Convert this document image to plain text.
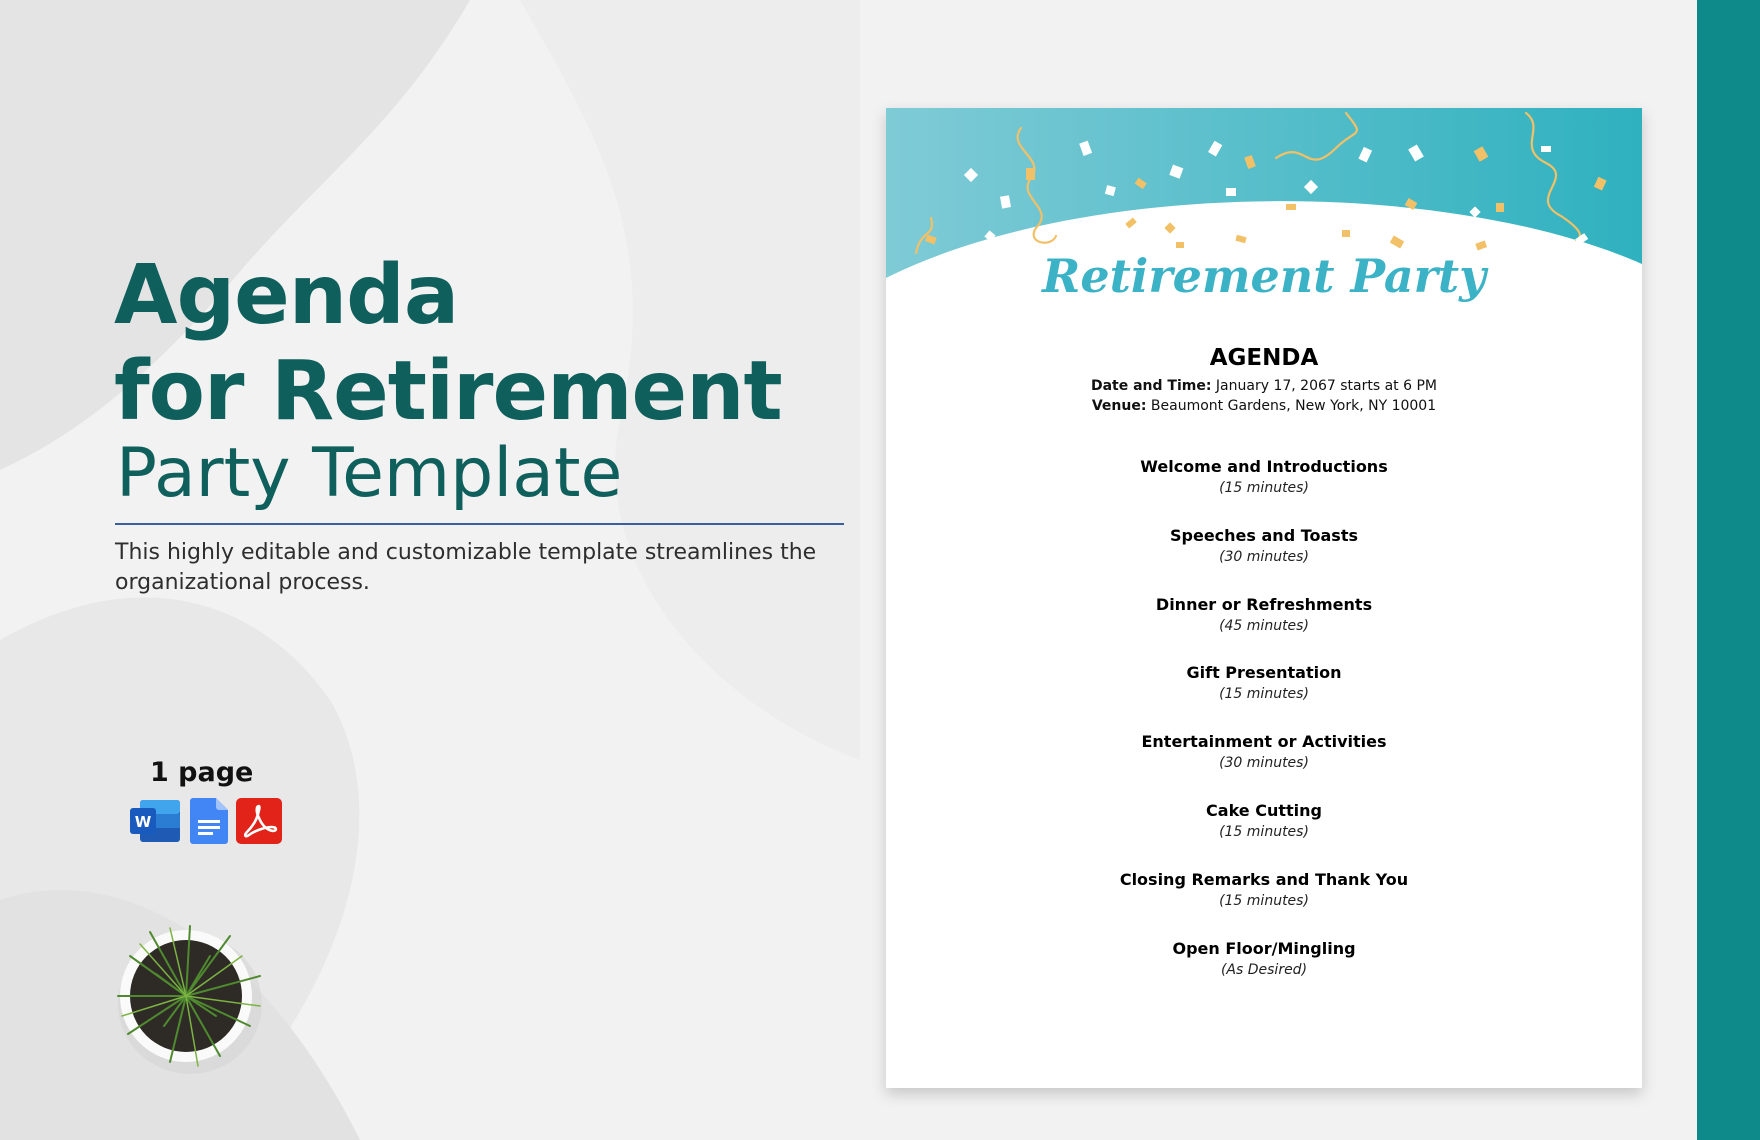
Agenda
for Retirement
Party Template

This highly editable and customizable template streamlines the organizational process.

1 page
W
Retirement Party
AGENDA
Date and Time: January 17, 2067 starts at 6 PM
Venue: Beaumont Gardens, New York, NY 10001
Welcome and Introductions
(15 minutes)
Speeches and Toasts
(30 minutes)
Dinner or Refreshments
(45 minutes)
Gift Presentation
(15 minutes)
Entertainment or Activities
(30 minutes)
Cake Cutting
(15 minutes)
Closing Remarks and Thank You
(15 minutes)
Open Floor/Mingling
(As Desired)
